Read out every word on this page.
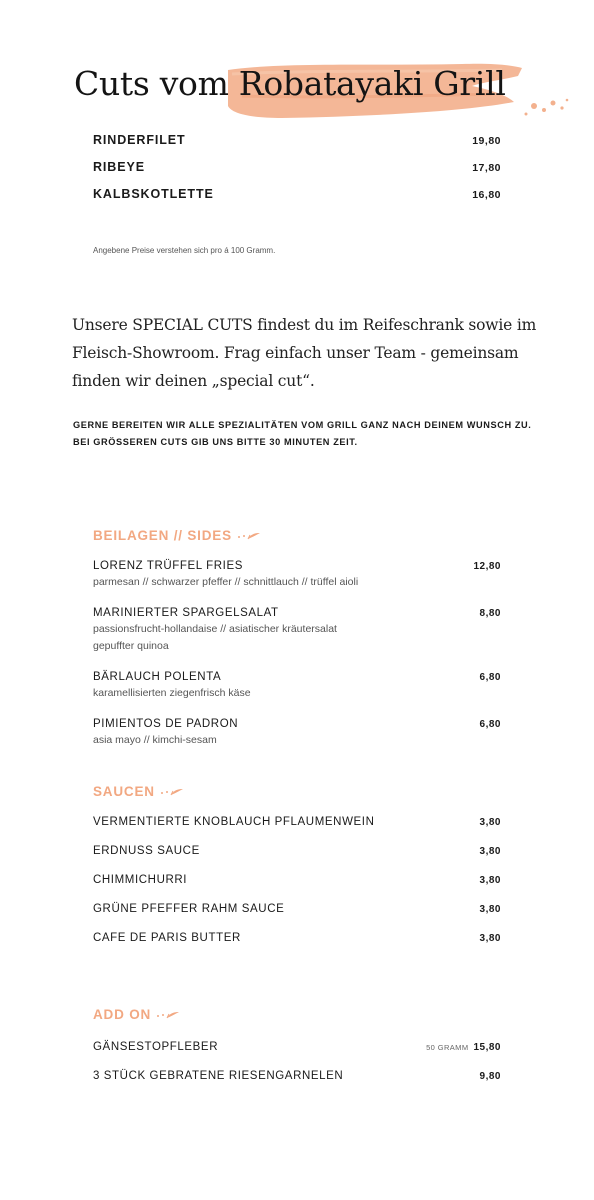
Cuts vom Robatayaki Grill
RINDERFILET	19,80
RIBEYE	17,80
KALBSKOTLETTE	16,80

Angebene Preise verstehen sich pro á 100 Gramm.

Unsere SPECIAL CUTS findest du im Reifeschrank sowie im Fleisch-Showroom. Frag einfach unser Team - gemeinsam finden wir deinen „special cut“.

GERNE BEREITEN WIR ALLE SPEZIALITÄTEN VOM GRILL GANZ NACH DEINEM WUNSCH ZU. BEI GRÖSSEREN CUTS GIB UNS BITTE 30 MINUTEN ZEIT.

BEILAGEN // SIDES
LORENZ TRÜFFEL FRIES	12,80
parmesan // schwarzer pfeffer // schnittlauch // trüffel aioli
MARINIERTER SPARGELSALAT	8,80
passionsfrucht-hollandaise // asiatischer kräutersalat
gepuffter quinoa
BÄRLAUCH POLENTA	6,80
karamellisierten ziegenfrisch käse
PIMIENTOS DE PADRON	6,80
asia mayo // kimchi-sesam
SAUCEN
VERMENTIERTE KNOBLAUCH PFLAUMENWEIN	3,80
ERDNUSS SAUCE	3,80
CHIMMICHURRI	3,80
GRÜNE PFEFFER RAHM SAUCE	3,80
CAFE DE PARIS BUTTER	3,80
ADD ON
GÄNSESTOPFLEBER	50 GRAMM 15,80
3 STÜCK GEBRATENE RIESENGARNELEN	9,80
